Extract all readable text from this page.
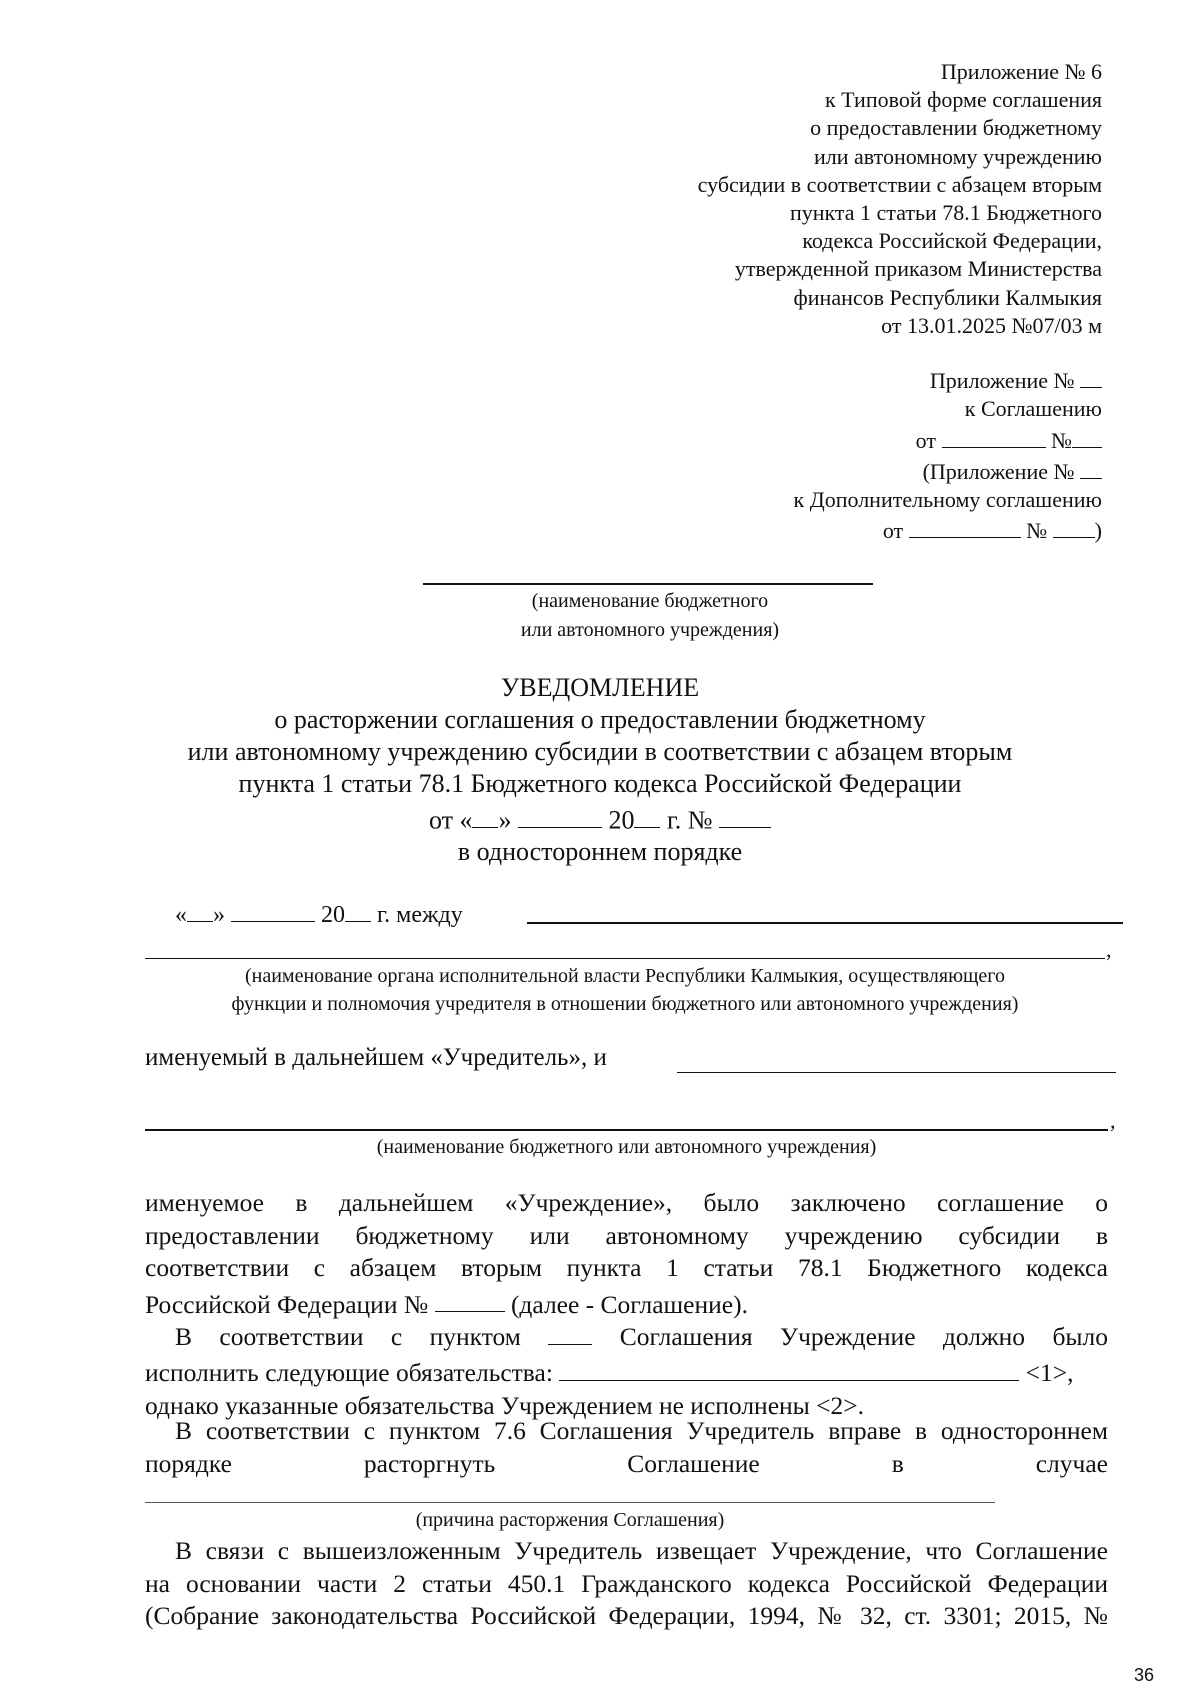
Приложение № 6
к Типовой форме соглашения
о предоставлении бюджетному
или автономному учреждению
субсидии в соответствии с абзацем вторым
пункта 1 статьи 78.1 Бюджетного
кодекса Российской Федерации,
утвержденной приказом Министерства
финансов Республики Калмыкия
от 13.01.2025 №07/03 м
Приложение №
к Соглашению
от	№
(Приложение №
к Дополнительному соглашению
от	№ )
(наименование бюджетного
или автономного учреждения)
УВЕДОМЛЕНИЕ
о расторжении соглашения о предоставлении бюджетному
или автономному учреждению субсидии в соответствии с абзацем вторым
пункта 1 статьи 78.1 Бюджетного кодекса Российской Федерации
от « »	20 г. №
в одностороннем порядке
« »	20 г. между
,
(наименование органа исполнительной власти Республики Калмыкия, осуществляющего
функции и полномочия учредителя в отношении бюджетного или автономного учреждения)
именуемый в дальнейшем «Учредитель», и
,
(наименование бюджетного или автономного учреждения)
именуемое в дальнейшем «Учреждение», было заключено соглашение о
предоставлении бюджетному или автономному учреждению субсидии в
соответствии с абзацем вторым пункта 1 статьи 78.1 Бюджетного кодекса
Российской Федерации №	(далее - Соглашение).
В соответствии с пунктом	Соглашения Учреждение должно было
исполнить следующие обязательства:	<1>,
однако указанные обязательства Учреждением не исполнены <2>.
В соответствии с пунктом 7.6 Соглашения Учредитель вправе в одностороннем
порядке расторгнуть Соглашение в случае
(причина расторжения Соглашения)
В связи с вышеизложенным Учредитель извещает Учреждение, что Соглашение
на основании части 2 статьи 450.1 Гражданского кодекса Российской Федерации
(Собрание законодательства Российской Федерации, 1994, № 32, ст. 3301; 2015, №
36
